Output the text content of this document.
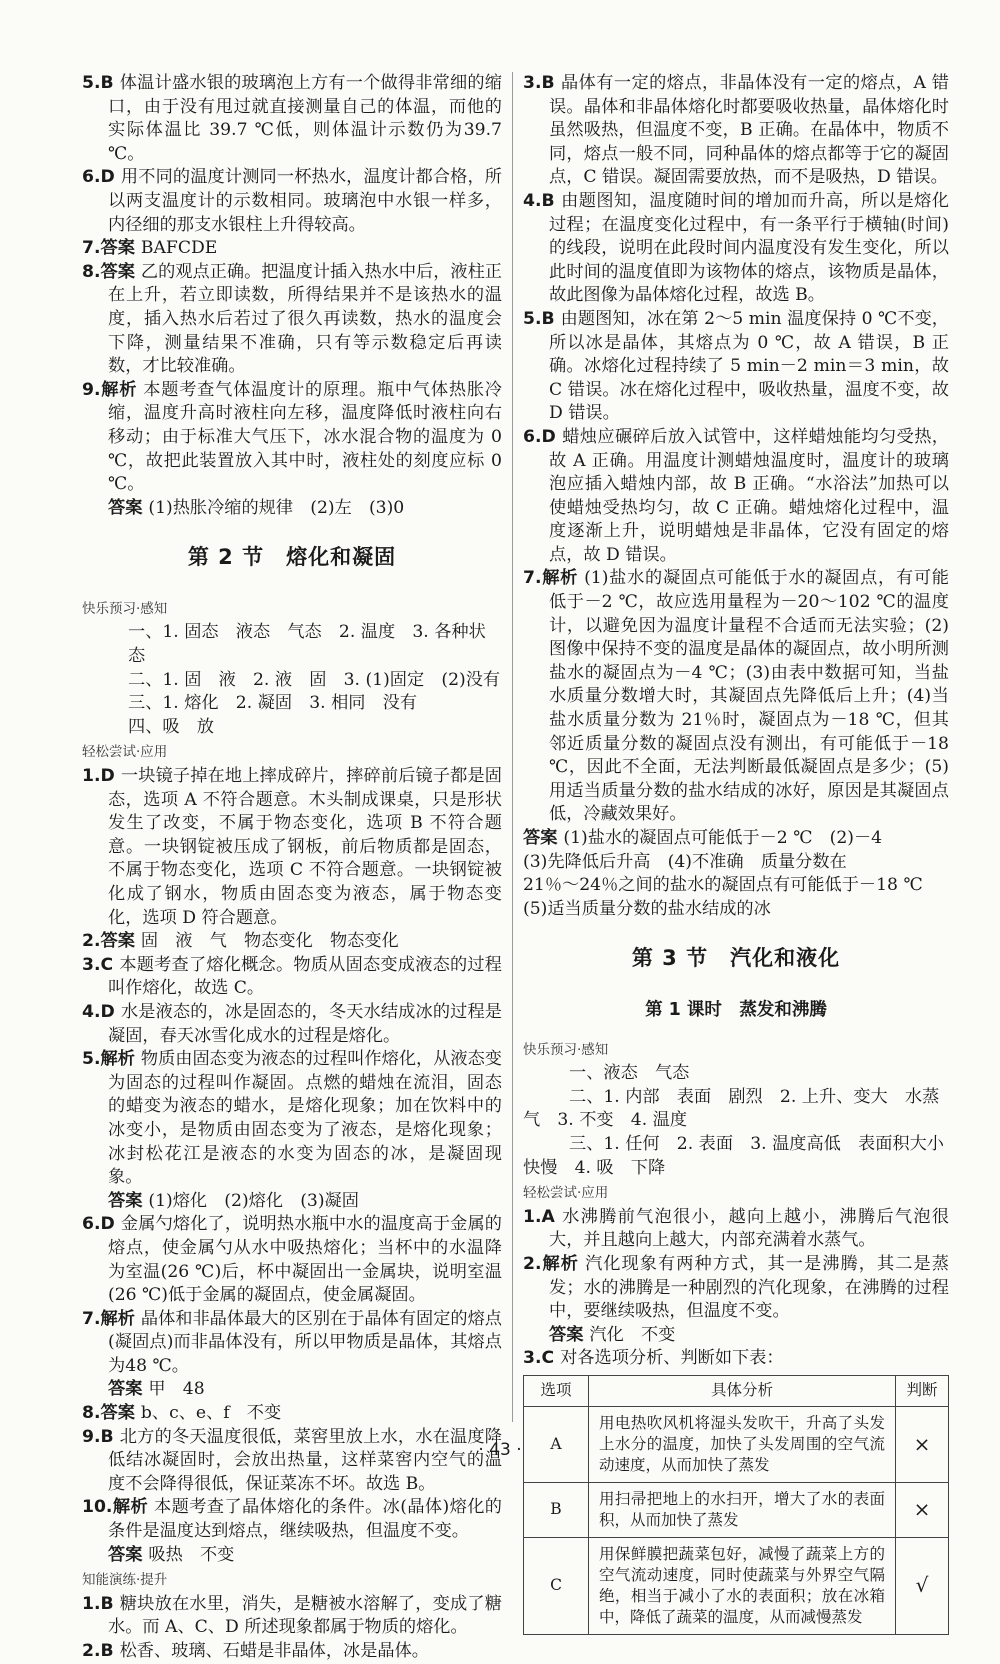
5.B 体温计盛水银的玻璃泡上方有一个做得非常细的缩口，由于没有甩过就直接测量自己的体温，而他的实际体温比 39.7 ℃低，则体温计示数仍为39.7 ℃。

6.D 用不同的温度计测同一杯热水，温度计都合格，所以两支温度计的示数相同。玻璃泡中水银一样多，内径细的那支水银柱上升得较高。

7.答案 BAFCDE

8.答案 乙的观点正确。把温度计插入热水中后，液柱正在上升，若立即读数，所得结果并不是该热水的温度，插入热水后若过了很久再读数，热水的温度会下降，测量结果不准确，只有等示数稳定后再读数，才比较准确。

9.解析 本题考查气体温度计的原理。瓶中气体热胀冷缩，温度升高时液柱向左移，温度降低时液柱向右移动；由于标准大气压下，冰水混合物的温度为 0 ℃，故把此装置放入其中时，液柱处的刻度应标 0 ℃。

答案 (1)热胀冷缩的规律　(2)左　(3)0

第 2 节　熔化和凝固
快乐预习·感知

一、1. 固态　液态　气态　2. 温度　3. 各种状态

二、1. 固　液　2. 液　固　3. (1)固定　(2)没有

三、1. 熔化　2. 凝固　3. 相同　没有

四、吸　放

轻松尝试·应用

1.D 一块镜子掉在地上摔成碎片，摔碎前后镜子都是固态，选项 A 不符合题意。木头制成课桌，只是形状发生了改变，不属于物态变化，选项 B 不符合题意。一块钢锭被压成了钢板，前后物质都是固态，不属于物态变化，选项 C 不符合题意。一块钢锭被化成了钢水，物质由固态变为液态，属于物态变化，选项 D 符合题意。

2.答案 固　液　气　物态变化　物态变化

3.C 本题考查了熔化概念。物质从固态变成液态的过程叫作熔化，故选 C。

4.D 水是液态的，冰是固态的，冬天水结成冰的过程是凝固，春天冰雪化成水的过程是熔化。

5.解析 物质由固态变为液态的过程叫作熔化，从液态变为固态的过程叫作凝固。点燃的蜡烛在流泪，固态的蜡变为液态的蜡水，是熔化现象；加在饮料中的冰变小，是物质由固态变为了液态，是熔化现象；冰封松花江是液态的水变为固态的冰，是凝固现象。

答案 (1)熔化　(2)熔化　(3)凝固

6.D 金属勺熔化了，说明热水瓶中水的温度高于金属的熔点，使金属勺从水中吸热熔化；当杯中的水温降为室温(26 ℃)后，杯中凝固出一金属块，说明室温(26 ℃)低于金属的凝固点，使金属凝固。

7.解析 晶体和非晶体最大的区别在于晶体有固定的熔点(凝固点)而非晶体没有，所以甲物质是晶体，其熔点为48 ℃。

答案 甲　48

8.答案 b、c、e、f　不变

9.B 北方的冬天温度很低，菜窖里放上水，水在温度降低结冰凝固时，会放出热量，这样菜窖内空气的温度不会降得很低，保证菜冻不坏。故选 B。

10.解析 本题考查了晶体熔化的条件。冰(晶体)熔化的条件是温度达到熔点，继续吸热，但温度不变。

答案 吸热　不变

知能演练·提升

1.B 糖块放在水里，消失，是糖被水溶解了，变成了糖水。而 A、C、D 所述现象都属于物质的熔化。

2.B 松香、玻璃、石蜡是非晶体，冰是晶体。

3.B 晶体有一定的熔点，非晶体没有一定的熔点，A 错误。晶体和非晶体熔化时都要吸收热量，晶体熔化时虽然吸热，但温度不变，B 正确。在晶体中，物质不同，熔点一般不同，同种晶体的熔点都等于它的凝固点，C 错误。凝固需要放热，而不是吸热，D 错误。

4.B 由题图知，温度随时间的增加而升高，所以是熔化过程；在温度变化过程中，有一条平行于横轴(时间)的线段，说明在此段时间内温度没有发生变化，所以此时间的温度值即为该物体的熔点，该物质是晶体，故此图像为晶体熔化过程，故选 B。

5.B 由题图知，冰在第 2～5 min 温度保持 0 ℃不变，所以冰是晶体，其熔点为 0 ℃，故 A 错误，B 正确。冰熔化过程持续了 5 min－2 min＝3 min，故 C 错误。冰在熔化过程中，吸收热量，温度不变，故 D 错误。

6.D 蜡烛应碾碎后放入试管中，这样蜡烛能均匀受热，故 A 正确。用温度计测蜡烛温度时，温度计的玻璃泡应插入蜡烛内部，故 B 正确。“水浴法”加热可以使蜡烛受热均匀，故 C 正确。蜡烛熔化过程中，温度逐渐上升，说明蜡烛是非晶体，它没有固定的熔点，故 D 错误。

7.解析 (1)盐水的凝固点可能低于水的凝固点，有可能低于－2 ℃，故应选用量程为－20～102 ℃的温度计，以避免因为温度计量程不合适而无法实验；(2)图像中保持不变的温度是晶体的凝固点，故小明所测盐水的凝固点为－4 ℃；(3)由表中数据可知，当盐水质量分数增大时，其凝固点先降低后上升；(4)当盐水质量分数为 21％时，凝固点为－18 ℃，但其邻近质量分数的凝固点没有测出，有可能低于－18 ℃，因此不全面，无法判断最低凝固点是多少；(5)用适当质量分数的盐水结成的冰好，原因是其凝固点低，冷藏效果好。

答案 (1)盐水的凝固点可能低于－2 ℃　(2)－4

(3)先降低后升高　(4)不准确　质量分数在

21％～24％之间的盐水的凝固点有可能低于－18 ℃

(5)适当质量分数的盐水结成的冰

第 3 节　汽化和液化
第 1 课时　蒸发和沸腾
快乐预习·感知

一、液态　气态

二、1. 内部　表面　剧烈　2. 上升、变大　水蒸

气　3. 不变　4. 温度

三、1. 任何　2. 表面　3. 温度高低　表面积大小

快慢　4. 吸　下降

轻松尝试·应用

1.A 水沸腾前气泡很小，越向上越小，沸腾后气泡很大，并且越向上越大，内部充满着水蒸气。

2.解析 汽化现象有两种方式，其一是沸腾，其二是蒸发；水的沸腾是一种剧烈的汽化现象，在沸腾的过程中，要继续吸热，但温度不变。

答案 汽化　不变

3.C 对各选项分析、判断如下表：

选项	具体分析	判断
A	用电热吹风机将湿头发吹干，升高了头发上水分的温度，加快了头发周围的空气流动速度，从而加快了蒸发	×
B	用扫帚把地上的水扫开，增大了水的表面积，从而加快了蒸发	×
C	用保鲜膜把蔬菜包好，减慢了蔬菜上方的空气流动速度，同时使蔬菜与外界空气隔绝，相当于减小了水的表面积；放在冰箱中，降低了蔬菜的温度，从而减慢蒸发	√
· 43 ·
